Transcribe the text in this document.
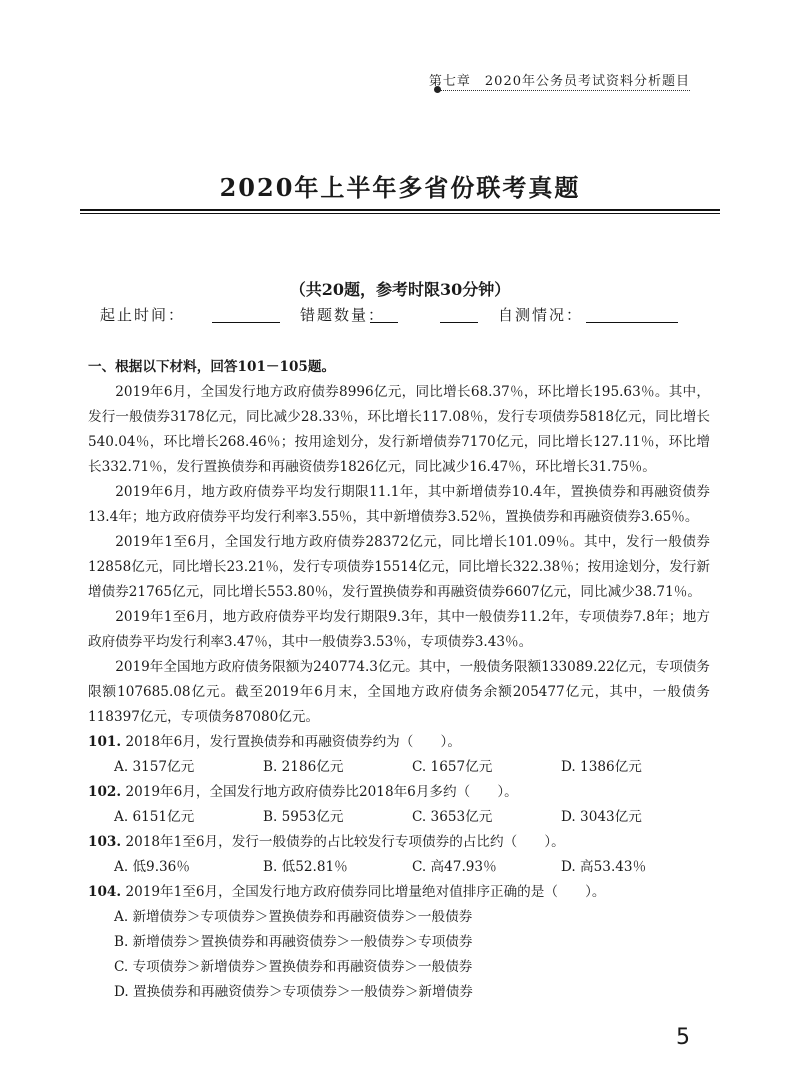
第七章　2020年公务员考试资料分析题目
2020年上半年多省份联考真题
（共20题，参考时限30分钟）
起止时间：	错题数量：	自测情况：

一、根据以下材料，回答101－105题。

2019年6月，全国发行地方政府债券8996亿元，同比增长68.37％，环比增长195.63％。其中，发行一般债券3178亿元，同比减少28.33％，环比增长117.08％，发行专项债券5818亿元，同比增长540.04％，环比增长268.46％；按用途划分，发行新增债券7170亿元，同比增长127.11％，环比增长332.71％，发行置换债券和再融资债券1826亿元，同比减少16.47％，环比增长31.75％。

2019年6月，地方政府债券平均发行期限11.1年，其中新增债券10.4年，置换债券和再融资债券13.4年；地方政府债券平均发行利率3.55％，其中新增债券3.52％，置换债券和再融资债券3.65％。

2019年1至6月，全国发行地方政府债券28372亿元，同比增长101.09％。其中，发行一般债券12858亿元，同比增长23.21％，发行专项债券15514亿元，同比增长322.38％；按用途划分，发行新增债券21765亿元，同比增长553.80％，发行置换债券和再融资债券6607亿元，同比减少38.71％。

2019年1至6月，地方政府债券平均发行期限9.3年，其中一般债券11.2年，专项债券7.8年；地方政府债券平均发行利率3.47％，其中一般债券3.53％，专项债券3.43％。

2019年全国地方政府债务限额为240774.3亿元。其中，一般债务限额133089.22亿元，专项债务限额107685.08亿元。截至2019年6月末，全国地方政府债务余额205477亿元，其中，一般债务118397亿元，专项债务87080亿元。

101. 2018年6月，发行置换债券和再融资债券约为（　　）。

A. 3157亿元	B. 2186亿元	C. 1657亿元	D. 1386亿元

102. 2019年6月，全国发行地方政府债券比2018年6月多约（　　）。

A. 6151亿元	B. 5953亿元	C. 3653亿元	D. 3043亿元

103. 2018年1至6月，发行一般债券的占比较发行专项债券的占比约（　　）。

A. 低9.36％	B. 低52.81％	C. 高47.93％	D. 高53.43％

104. 2019年1至6月，全国发行地方政府债券同比增量绝对值排序正确的是（　　）。

A. 新增债券＞专项债券＞置换债券和再融资债券＞一般债券

B. 新增债券＞置换债券和再融资债券＞一般债券＞专项债券

C. 专项债券＞新增债券＞置换债券和再融资债券＞一般债券

D. 置换债券和再融资债券＞专项债券＞一般债券＞新增债券

5
